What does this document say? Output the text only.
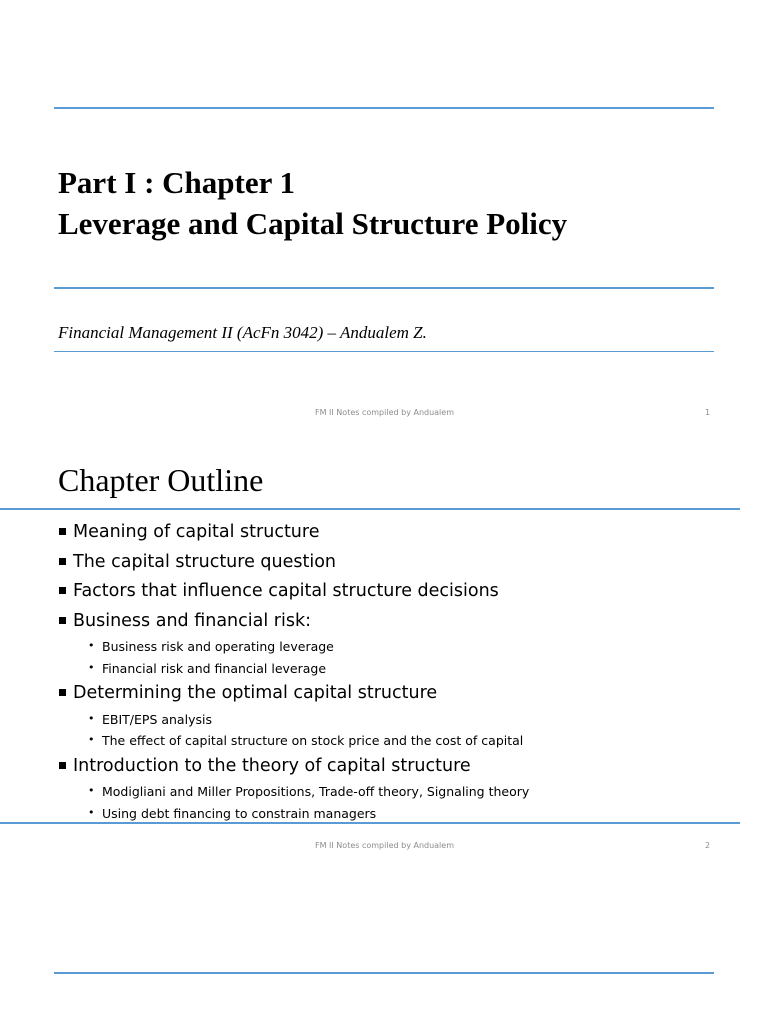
Part I : Chapter 1
Leverage and Capital Structure Policy
Financial Management II (AcFn 3042) – Andualem Z.
FM II Notes compiled by Andualem	1
Chapter Outline
Meaning of capital structure
The capital structure question
Factors that influence capital structure decisions
Business and financial risk:
• Business risk and operating leverage
• Financial risk and financial leverage
Determining the optimal capital structure
• EBIT/EPS analysis
• The effect of capital structure on stock price and the cost of capital
Introduction to the theory of capital structure
• Modigliani and Miller Propositions, Trade-off theory, Signaling theory
• Using debt financing to constrain managers
FM II Notes compiled by Andualem	2
